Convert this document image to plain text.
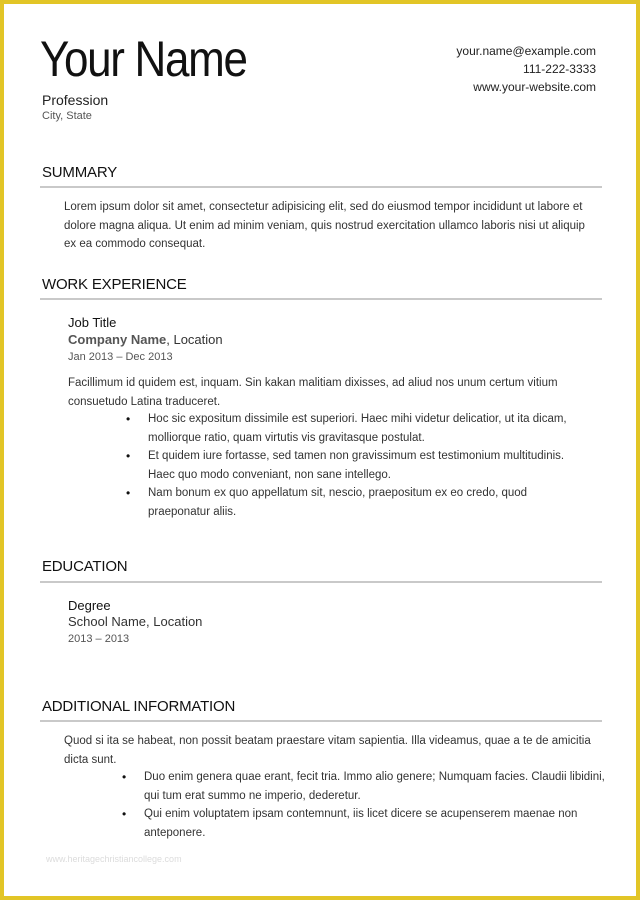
Your Name
Profession
City, State
your.name@example.com
111-222-3333
www.your-website.com
SUMMARY
Lorem ipsum dolor sit amet, consectetur adipisicing elit, sed do eiusmod tempor incididunt ut labore et dolore magna aliqua. Ut enim ad minim veniam, quis nostrud exercitation ullamco laboris nisi ut aliquip ex ea commodo consequat.
WORK EXPERIENCE
Job Title
Company Name, Location
Jan 2013 – Dec 2013
Facillimum id quidem est, inquam. Sin kakan malitiam dixisses, ad aliud nos unum certum vitium consuetudo Latina traduceret.
• Hoc sic expositum dissimile est superiori. Haec mihi videtur delicatior, ut ita dicam, molliorque ratio, quam virtutis vis gravitasque postulat.
• Et quidem iure fortasse, sed tamen non gravissimum est testimonium multitudinis. Haec quo modo conveniant, non sane intellego.
• Nam bonum ex quo appellatum sit, nescio, praepositum ex eo credo, quod praeponatur aliis.
EDUCATION
Degree
School Name, Location
2013 – 2013
ADDITIONAL INFORMATION
Quod si ita se habeat, non possit beatam praestare vitam sapientia. Illa videamus, quae a te de amicitia dicta sunt.
• Duo enim genera quae erant, fecit tria. Immo alio genere; Numquam facies. Claudii libidini, qui tum erat summo ne imperio, dederetur.
• Qui enim voluptatem ipsam contemnunt, iis licet dicere se acupenserem maenae non anteponere.
www.heritagechristiancollege.com
